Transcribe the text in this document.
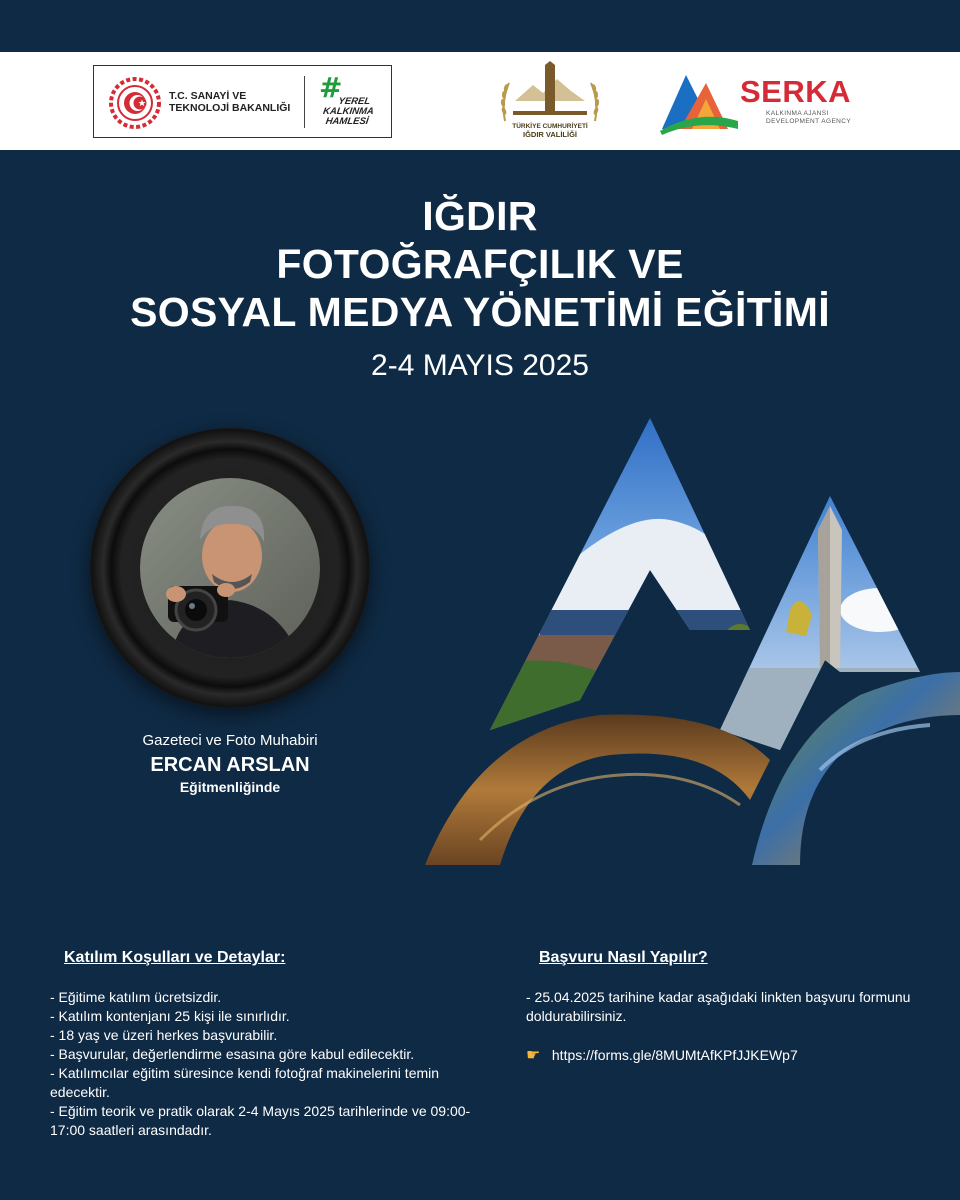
T.C. SANAYİ VE TEKNOLOJİ BAKANLIĞI
#
YEREL
KALKINMA
HAMLESİ	TÜRKİYE CUMHURİYETİ
IĞDIR VALİLİĞİ
SERKA
KALKINMA AJANSI
DEVELOPMENT AGENCY
IĞDIR
FOTOĞRAFÇILIK VE
SOSYAL MEDYA YÖNETİMİ EĞİTİMİ
2-4 MAYIS 2025
Gazeteci ve Foto Muhabiri
ERCAN ARSLAN
Eğitmenliğinde
Katılım Koşulları ve Detaylar:
- Eğitime katılım ücretsizdir.
- Katılım kontenjanı 25 kişi ile sınırlıdır.
- 18 yaş ve üzeri herkes başvurabilir.
- Başvurular, değerlendirme esasına göre kabul edilecektir.
- Katılımcılar eğitim süresince kendi fotoğraf makinelerini temin edecektir.
- Eğitim teorik ve pratik olarak 2-4 Mayıs 2025 tarihlerinde ve 09:00-17:00 saatleri arasındadır.
Başvuru Nasıl Yapılır?
- 25.04.2025 tarihine kadar aşağıdaki linkten başvuru formunu doldurabilirsiniz.
☛ https://forms.gle/8MUMtAfKPfJJKEWp7
